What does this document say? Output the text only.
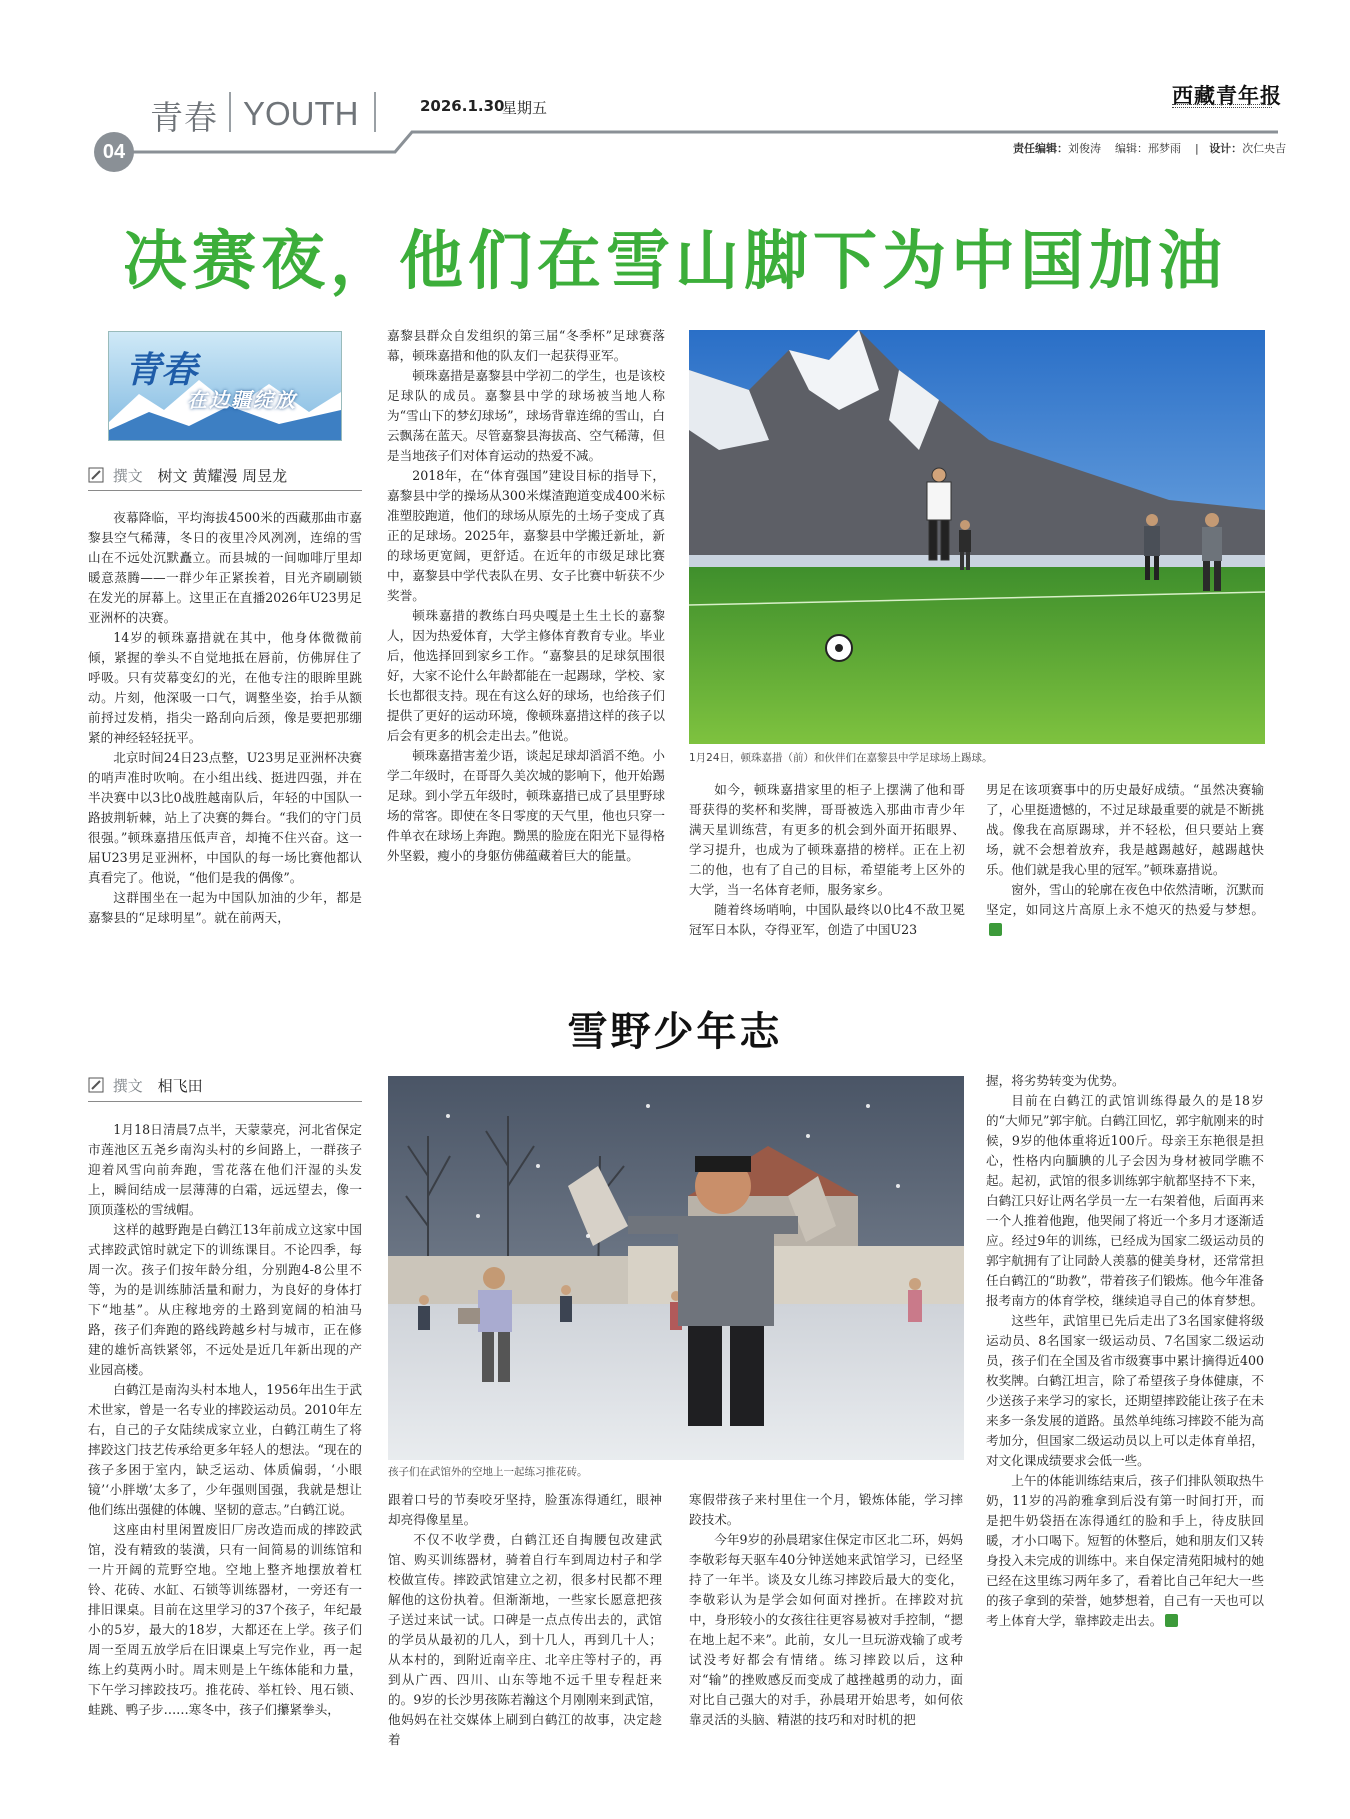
青春 YOUTH	2026.1.30
星期五	西藏青年报
04	责任编辑：刘俊涛 编辑：邢梦雨    |   设计：次仁央吉
决赛夜，他们在雪山脚下为中国加油
青春
在边疆绽放
撰文 树文 黄耀漫 周昱龙

夜幕降临，平均海拔4500米的西藏那曲市嘉黎县空气稀薄，冬日的夜里冷风冽冽，连绵的雪山在不远处沉默矗立。而县城的一间咖啡厅里却暖意蒸腾——一群少年正紧挨着，目光齐刷刷锁在发光的屏幕上。这里正在直播2026年U23男足亚洲杯的决赛。

14岁的顿珠嘉措就在其中，他身体微微前倾，紧握的拳头不自觉地抵在唇前，仿佛屏住了呼吸。只有荧幕变幻的光，在他专注的眼眸里跳动。片刻，他深吸一口气，调整坐姿，抬手从额前捋过发梢，指尖一路刮向后颈，像是要把那绷紧的神经轻轻抚平。

北京时间24日23点整，U23男足亚洲杯决赛的哨声准时吹响。在小组出线、挺进四强，并在半决赛中以3比0战胜越南队后，年轻的中国队一路披荆斩棘，站上了决赛的舞台。“我们的守门员很强。”顿珠嘉措压低声音，却掩不住兴奋。这一届U23男足亚洲杯，中国队的每一场比赛他都认真看完了。他说，“他们是我的偶像”。

这群围坐在一起为中国队加油的少年，都是嘉黎县的“足球明星”。就在前两天，

嘉黎县群众自发组织的第三届“冬季杯”足球赛落幕，顿珠嘉措和他的队友们一起获得亚军。

顿珠嘉措是嘉黎县中学初二的学生，也是该校足球队的成员。嘉黎县中学的球场被当地人称为“雪山下的梦幻球场”，球场背靠连绵的雪山，白云飘荡在蓝天。尽管嘉黎县海拔高、空气稀薄，但是当地孩子们对体育运动的热爱不减。

2018年，在“体育强国”建设目标的指导下，嘉黎县中学的操场从300米煤渣跑道变成400米标准塑胶跑道，他们的球场从原先的土场子变成了真正的足球场。2025年，嘉黎县中学搬迁新址，新的球场更宽阔，更舒适。在近年的市级足球比赛中，嘉黎县中学代表队在男、女子比赛中斩获不少奖誉。

顿珠嘉措的教练白玛央嘎是土生土长的嘉黎人，因为热爱体育，大学主修体育教育专业。毕业后，他选择回到家乡工作。“嘉黎县的足球氛围很好，大家不论什么年龄都能在一起踢球，学校、家长也都很支持。现在有这么好的球场，也给孩子们提供了更好的运动环境，像顿珠嘉措这样的孩子以后会有更多的机会走出去。”他说。

顿珠嘉措害羞少语，谈起足球却滔滔不绝。小学二年级时，在哥哥久美次城的影响下，他开始踢足球。到小学五年级时，顿珠嘉措已成了县里野球场的常客。即使在冬日零度的天气里，他也只穿一件单衣在球场上奔跑。黝黑的脸庞在阳光下显得格外坚毅，瘦小的身躯仿佛蕴藏着巨大的能量。

1月24日，顿珠嘉措（前）和伙伴们在嘉黎县中学足球场上踢球。

如今，顿珠嘉措家里的柜子上摆满了他和哥哥获得的奖杯和奖牌，哥哥被选入那曲市青少年满天星训练营，有更多的机会到外面开拓眼界、学习提升，也成为了顿珠嘉措的榜样。正在上初二的他，也有了自己的目标，希望能考上区外的大学，当一名体育老师，服务家乡。

随着终场哨响，中国队最终以0比4不敌卫冕冠军日本队，夺得亚军，创造了中国U23

男足在该项赛事中的历史最好成绩。“虽然决赛输了，心里挺遗憾的，不过足球最重要的就是不断挑战。像我在高原踢球，并不轻松，但只要站上赛场，就不会想着放弃，我是越踢越好，越踢越快乐。他们就是我心里的冠军。”顿珠嘉措说。

窗外，雪山的轮廓在夜色中依然清晰，沉默而坚定，如同这片高原上永不熄灭的热爱与梦想。

雪野少年志
撰文 相飞田

1月18日清晨7点半，天蒙蒙亮，河北省保定市莲池区五尧乡南沟头村的乡间路上，一群孩子迎着风雪向前奔跑，雪花落在他们汗湿的头发上，瞬间结成一层薄薄的白霜，远远望去，像一顶顶蓬松的雪绒帽。

这样的越野跑是白鹤江13年前成立这家中国式摔跤武馆时就定下的训练课目。不论四季，每周一次。孩子们按年龄分组，分别跑4-8公里不等，为的是训练肺活量和耐力，为良好的身体打下“地基”。从庄稼地旁的土路到宽阔的柏油马路，孩子们奔跑的路线跨越乡村与城市，正在修建的雄忻高铁紧邻，不远处是近几年新出现的产业园高楼。

白鹤江是南沟头村本地人，1956年出生于武术世家，曾是一名专业的摔跤运动员。2010年左右，自己的子女陆续成家立业，白鹤江萌生了将摔跤这门技艺传承给更多年轻人的想法。“现在的孩子多困于室内，缺乏运动、体质偏弱，‘小眼镜’‘小胖墩’太多了，少年强则国强，我就是想让他们练出强健的体魄、坚韧的意志。”白鹤江说。

这座由村里闲置废旧厂房改造而成的摔跤武馆，没有精致的装潢，只有一间简易的训练馆和一片开阔的荒野空地。空地上整齐地摆放着杠铃、花砖、水缸、石锁等训练器材，一旁还有一排旧课桌。目前在这里学习的37个孩子，年纪最小的5岁，最大的18岁，大都还在上学。孩子们周一至周五放学后在旧课桌上写完作业，再一起练上约莫两小时。周末则是上午练体能和力量，下午学习摔跤技巧。推花砖、举杠铃、甩石锁、蛙跳、鸭子步……寒冬中，孩子们攥紧拳头，

孩子们在武馆外的空地上一起练习推花砖。

跟着口号的节奏咬牙坚持，脸蛋冻得通红，眼神却亮得像星星。

不仅不收学费，白鹤江还自掏腰包改建武馆、购买训练器材，骑着自行车到周边村子和学校做宣传。摔跤武馆建立之初，很多村民都不理解他的这份执着。但渐渐地，一些家长愿意把孩子送过来试一试。口碑是一点点传出去的，武馆的学员从最初的几人，到十几人，再到几十人；从本村的，到附近南辛庄、北辛庄等村子的，再到从广西、四川、山东等地不远千里专程赶来的。9岁的长沙男孩陈若瀚这个月刚刚来到武馆，他妈妈在社交媒体上刷到白鹤江的故事，决定趁着

寒假带孩子来村里住一个月，锻炼体能，学习摔跤技术。

今年9岁的孙晨珺家住保定市区北二环，妈妈李敬彩每天驱车40分钟送她来武馆学习，已经坚持了一年半。谈及女儿练习摔跤后最大的变化，李敬彩认为是学会如何面对挫折。在摔跤对抗中，身形较小的女孩往往更容易被对手控制，“摁在地上起不来”。此前，女儿一旦玩游戏输了或考试没考好都会有情绪。练习摔跤以后，这种对“输”的挫败感反而变成了越挫越勇的动力，面对比自己强大的对手，孙晨珺开始思考，如何依靠灵活的头脑、精湛的技巧和对时机的把

握，将劣势转变为优势。

目前在白鹤江的武馆训练得最久的是18岁的“大师兄”郭宇航。白鹤江回忆，郭宇航刚来的时候，9岁的他体重将近100斤。母亲王东艳很是担心，性格内向腼腆的儿子会因为身材被同学瞧不起。起初，武馆的很多训练郭宇航都坚持不下来，白鹤江只好让两名学员一左一右架着他，后面再来一个人推着他跑，他哭闹了将近一个多月才逐渐适应。经过9年的训练，已经成为国家二级运动员的郭宇航拥有了让同龄人羡慕的健美身材，还常常担任白鹤江的“助教”，带着孩子们锻炼。他今年准备报考南方的体育学校，继续追寻自己的体育梦想。

这些年，武馆里已先后走出了3名国家健将级运动员、8名国家一级运动员、7名国家二级运动员，孩子们在全国及省市级赛事中累计摘得近400枚奖牌。白鹤江坦言，除了希望孩子身体健康，不少送孩子来学习的家长，还期望摔跤能让孩子在未来多一条发展的道路。虽然单纯练习摔跤不能为高考加分，但国家二级运动员以上可以走体育单招，对文化课成绩要求会低一些。

上午的体能训练结束后，孩子们排队领取热牛奶，11岁的冯韵雅拿到后没有第一时间打开，而是把牛奶袋捂在冻得通红的脸和手上，待皮肤回暖，才小口喝下。短暂的休整后，她和朋友们又转身投入未完成的训练中。来自保定清苑阳城村的她已经在这里练习两年多了，看着比自己年纪大一些的孩子拿到的荣誉，她梦想着，自己有一天也可以考上体育大学，靠摔跤走出去。
